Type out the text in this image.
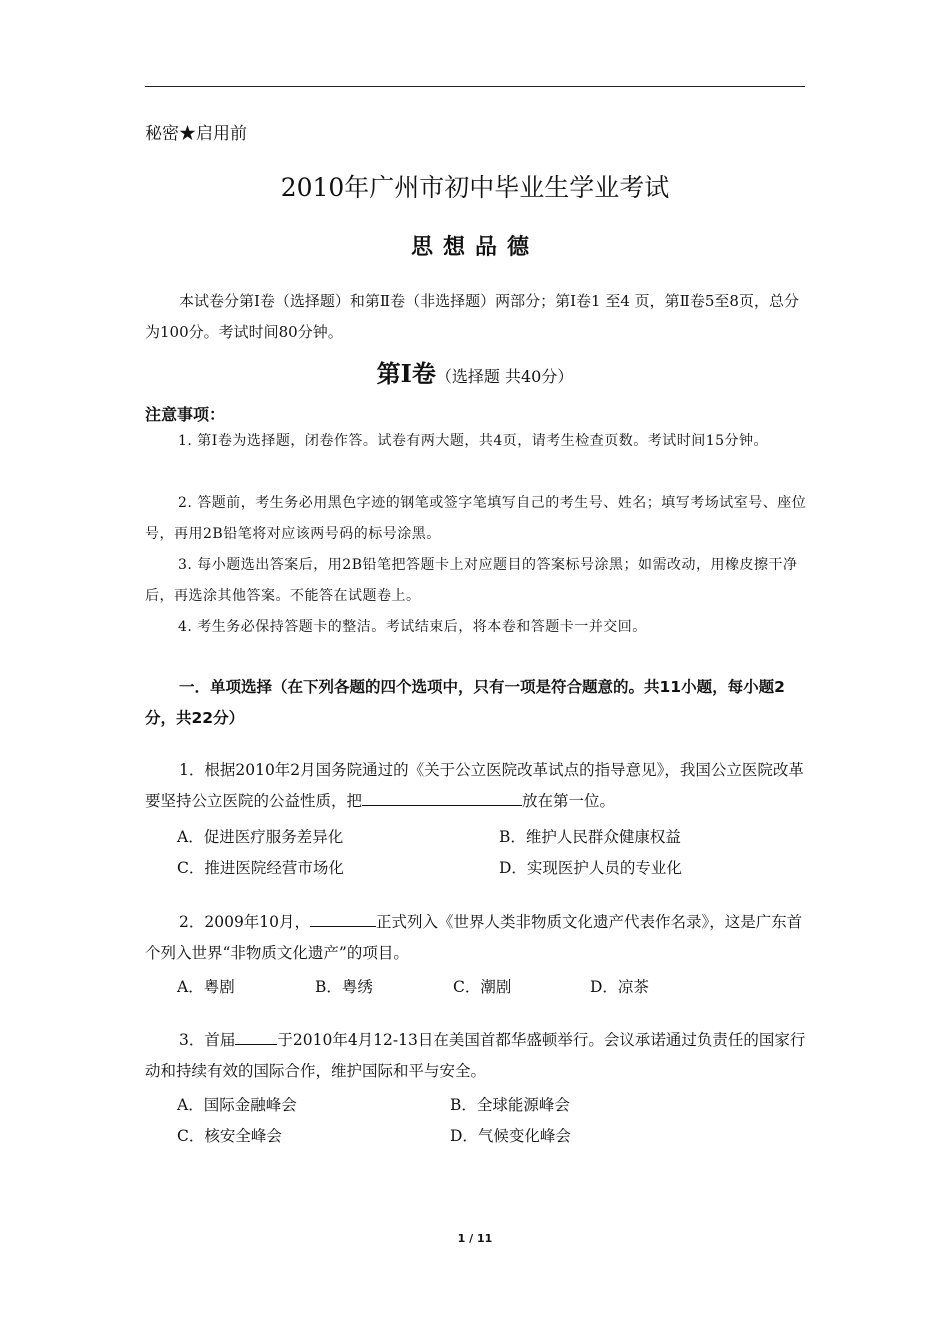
秘密★启用前
2010年广州市初中毕业生学业考试
思想品德
本试卷分第Ⅰ卷（选择题）和第Ⅱ卷（非选择题）两部分；第Ⅰ卷1 至4 页，第Ⅱ卷5至8页，总分为100分。考试时间80分钟。
第Ⅰ卷（选择题 共40分）
注意事项：
1. 第Ⅰ卷为选择题，闭卷作答。试卷有两大题，共4页，请考生检查页数。考试时间15分钟。
2. 答题前，考生务必用黑色字迹的钢笔或签字笔填写自己的考生号、姓名；填写考场试室号、座位号，再用2B铅笔将对应该两号码的标号涂黑。
3. 每小题选出答案后，用2B铅笔把答题卡上对应题目的答案标号涂黑；如需改动，用橡皮擦干净后，再选涂其他答案。不能答在试题卷上。
4. 考生务必保持答题卡的整洁。考试结束后，将本卷和答题卡一并交回。
一．单项选择（在下列各题的四个选项中，只有一项是符合题意的。共11小题，每小题2分，共22分）
1．根据2010年2月国务院通过的《关于公立医院改革试点的指导意见》，我国公立医院改革要坚持公立医院的公益性质，把	放在第一位。
A．促进医疗服务差异化	B．维护人民群众健康权益
C．推进医院经营市场化	D．实现医护人员的专业化
2．2009年10月，	正式列入《世界人类非物质文化遗产代表作名录》，这是广东首个列入世界“非物质文化遗产”的项目。
A．粤剧	B．粤绣	C．潮剧	D．凉茶
3．首届	于2010年4月12-13日在美国首都华盛顿举行。会议承诺通过负责任的国家行动和持续有效的国际合作，维护国际和平与安全。
A．国际金融峰会	B．全球能源峰会
C．核安全峰会	D．气候变化峰会
1 / 11
